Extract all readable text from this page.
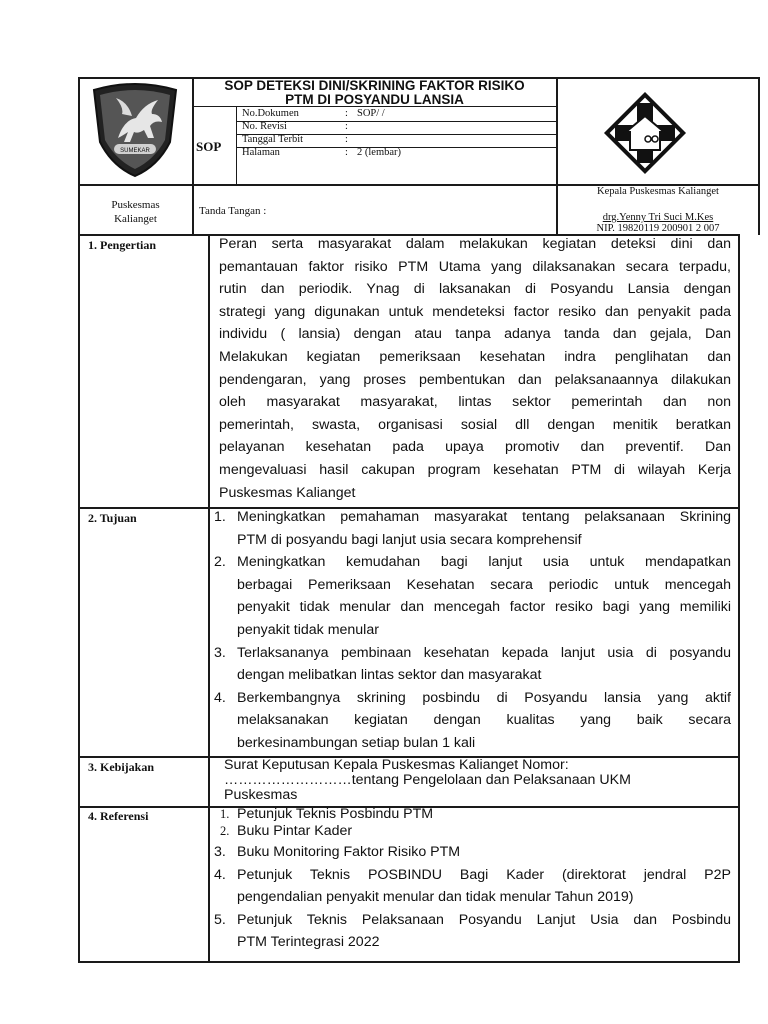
SUMEKAR
SOP DETEKSI DINI/SKRINING FAKTOR RISIKO
PTM DI POSYANDU LANSIA
SOP
No.Dokumen	: SOP/ /
No. Revisi	:
Tanggal Terbit	:
Halaman	: 2 (lembar)
Puskesmas
Kalianget
Tanda Tangan :
Kepala Puskesmas Kalianget
drg.Yenny Tri Suci M.Kes
NIP. 19820119 200901 2 007
1. Pengertian	Peran serta masyarakat dalam melakukan kegiatan deteksi dini dan
pemantauan faktor risiko PTM Utama yang dilaksanakan secara terpadu,
rutin dan periodik. Ynag di laksanakan di Posyandu Lansia dengan
strategi yang digunakan untuk mendeteksi factor resiko dan penyakit pada
individu ( lansia) dengan atau tanpa adanya tanda dan gejala, Dan
Melakukan kegiatan pemeriksaan kesehatan indra penglihatan dan
pendengaran, yang proses pembentukan dan pelaksanaannya dilakukan
oleh masyarakat masyarakat, lintas sektor pemerintah dan non
pemerintah, swasta, organisasi sosial dll dengan menitik beratkan
pelayanan kesehatan pada upaya promotiv dan preventif. Dan
mengevaluasi hasil cakupan program kesehatan PTM di wilayah Kerja
Puskesmas Kalianget
2. Tujuan	1. Meningkatkan pemahaman masyarakat tentang pelaksanaan Skrining
PTM di posyandu bagi lanjut usia secara komprehensif
2. Meningkatkan kemudahan bagi lanjut usia untuk mendapatkan
berbagai Pemeriksaan Kesehatan secara periodic untuk mencegah
penyakit tidak menular dan mencegah factor resiko bagi yang memiliki
penyakit tidak menular
3. Terlaksananya pembinaan kesehatan kepada lanjut usia di posyandu
dengan melibatkan lintas sektor dan masyarakat
4. Berkembangnya skrining posbindu di Posyandu lansia yang aktif
melaksanakan kegiatan dengan kualitas yang baik secara
berkesinambungan setiap bulan 1 kali
3. Kebijakan	Surat Keputusan Kepala Puskesmas Kalianget Nomor:
………………………tentang Pengelolaan dan Pelaksanaan UKM
Puskesmas
4. Referensi	1. Petunjuk Teknis Posbindu PTM
2. Buku Pintar Kader
3. Buku Monitoring Faktor Risiko PTM
4. Petunjuk Teknis POSBINDU Bagi Kader (direktorat jendral P2P
pengendalian penyakit menular dan tidak menular Tahun 2019)
5. Petunjuk Teknis Pelaksanaan Posyandu Lanjut Usia dan Posbindu
PTM Terintegrasi 2022
